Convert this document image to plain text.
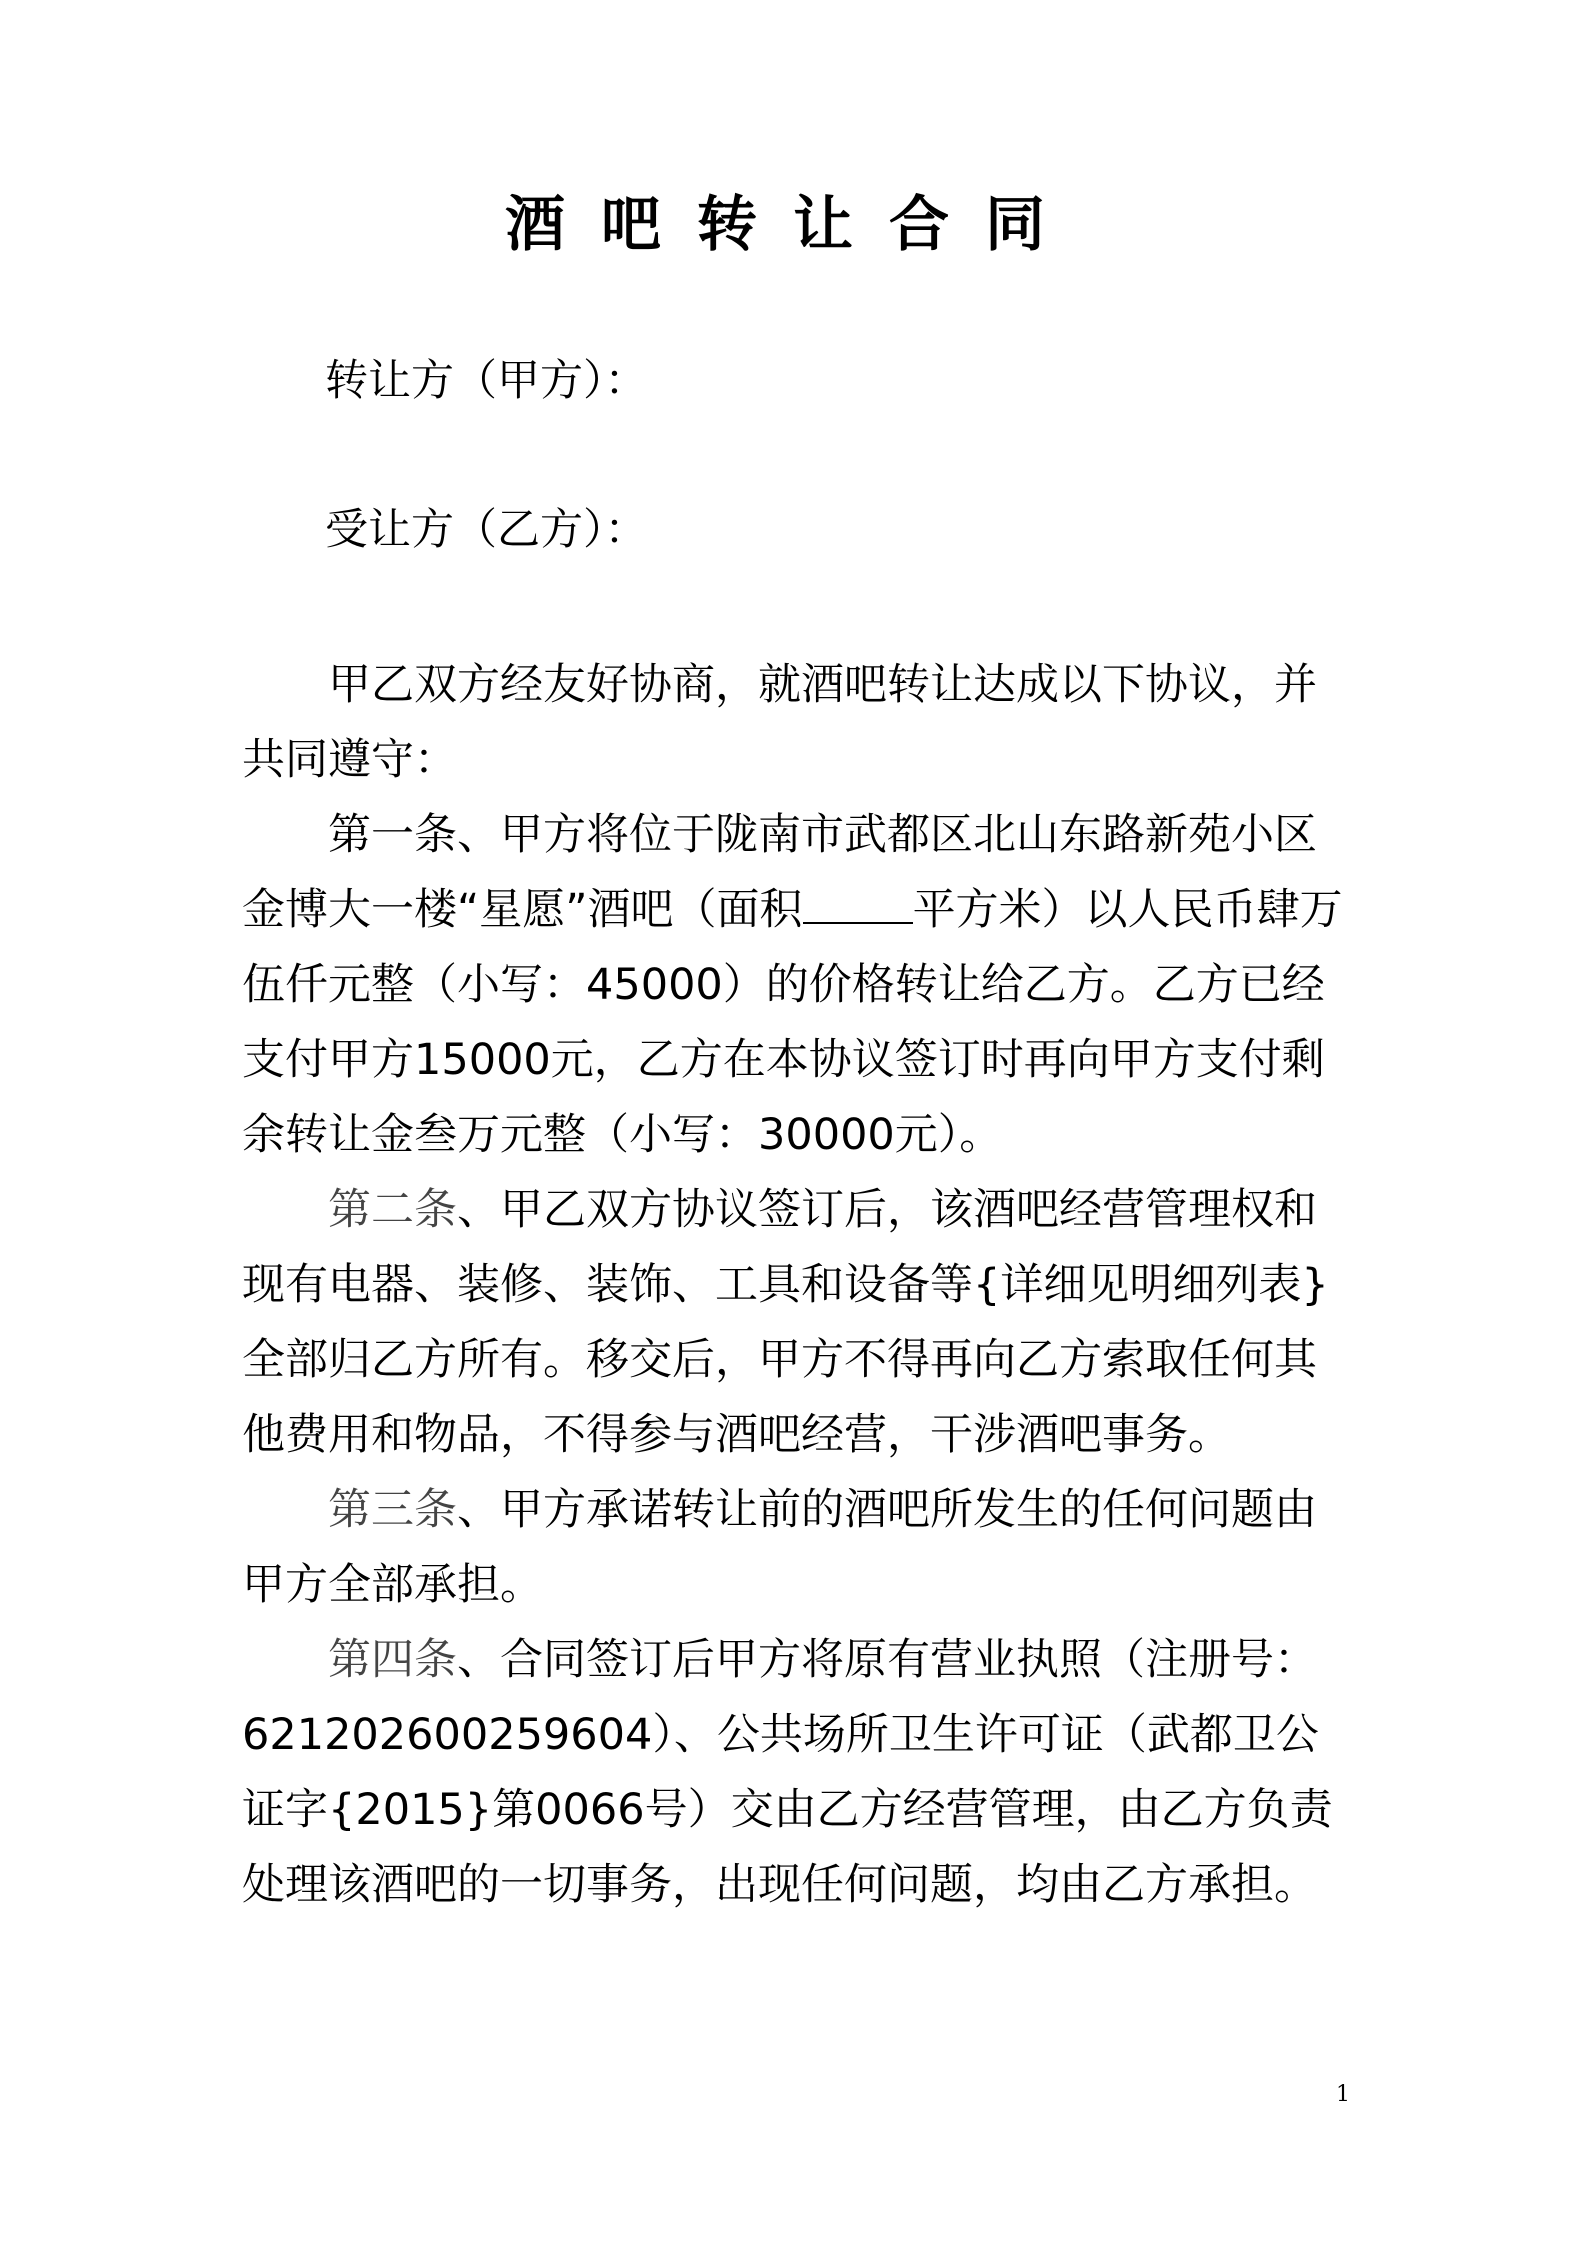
酒吧转让合同
转让方（甲方）：
受让方（乙方）：

甲乙双方经友好协商，就酒吧转让达成以下协议，并共同遵守：

第一条、甲方将位于陇南市武都区北山东路新苑小区金博大一楼“星愿”酒吧（面积	平方米）以人民币肆万伍仟元整（小写：45000）的价格转让给乙方。乙方已经支付甲方15000元，乙方在本协议签订时再向甲方支付剩余转让金叁万元整（小写：30000元）。

第二条、甲乙双方协议签订后，该酒吧经营管理权和现有电器、装修、装饰、工具和设备等{详细见明细列表}全部归乙方所有。移交后，甲方不得再向乙方索取任何其他费用和物品，不得参与酒吧经营，干涉酒吧事务。

第三条、甲方承诺转让前的酒吧所发生的任何问题由甲方全部承担。

第四条、合同签订后甲方将原有营业执照（注册号：621202600259604）、公共场所卫生许可证（武都卫公证字{2015}第0066号）交由乙方经营管理，由乙方负责处理该酒吧的一切事务，出现任何问题，均由乙方承担。

1
